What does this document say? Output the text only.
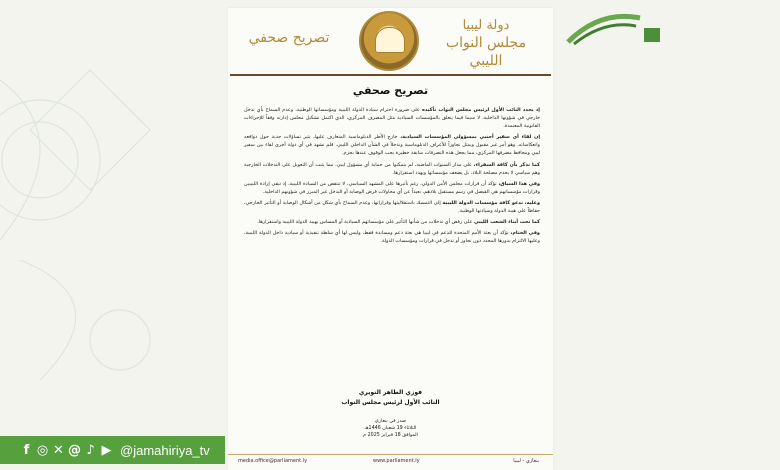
دولة ليبيا
مجلس النواب الليبي
تصريح صحفي
تصريح صحفي

إذ يجدد النائب الأول لرئيس مجلس النواب تأكيده على ضرورة احترام سيادة الدولة الليبية ومؤسساتها الوطنية، وعدم السماح بأي تدخل خارجي في شؤونها الداخلية، لا سيما فيما يتعلق بالمؤسسات السيادية مثل المصرف المركزي، الذي اكتمل تشكيل مجلس إدارته وفقاً للإجراءات القانونية المعتمدة.

إن لقاء أي سفير أجنبي بمسؤولي المؤسسات السيادية، خارج الأطر الدبلوماسية المتعارف عليها، يثير تساؤلات جدية حول دوافعه وانعكاساته، وهو أمر غير مقبول ويمثل تجاوزاً للأعراف الدبلوماسية وتدخلاً في الشأن الداخلي الليبي. فلم نشهد في أي دولة أخرى لقاء بين سفير ليبي ومحافظ مصرفها المركزي، مما يجعل هذه التصرفات سابقة خطيرة يجب الوقوف عندها بحزم.

كما نذكر بأن كافة السفراء، على مدار السنوات الماضية، لم يتمكنوا من حماية أي مسؤول ليبي، مما يثبت أن التعويل على التدخلات الخارجية وهم سياسي لا يخدم مصلحة البلاد، بل يضعف مؤسساتها ويهدد استقرارها.

وفي هذا السياق، نؤكد أن قرارات مجلس الأمن الدولي، رغم تأثيرها على المشهد السياسي، لا تنتقص من السيادة الليبية، إذ تبقى إرادة الليبيين وقرارات مؤسساتهم هي الفيصل في رسم مستقبل بلادهم، بعيداً عن أي محاولات فرض الوصاية أو التدخل غير المبرر في شؤونهم الداخلية.

وعليه، ندعو كافة مؤسسات الدولة الليبية إلى التمسك باستقلاليتها وقراراتها، وعدم السماح بأي شكل من أشكال الوصاية أو التأثير الخارجي، حفاظاً على هيبة الدولة وسيادتها الوطنية.

كما نحث أبناء الشعب الليبي على رفض أي تدخلات من شأنها التأثير على مؤسساتهم السيادية أو المساس بهيبة الدولة الليبية واستقرارها.

وفي الختام، نؤكد أن بعثة الأمم المتحدة للدعم في ليبيا هي بعثة دعم ومساندة فقط، وليس لها أي سلطة تنفيذية أو سيادية داخل الدولة الليبية، وعليها الالتزام بدورها المحدد دون تجاوز أو تدخل في قرارات ومؤسسات الدولة.

فوزي الطاهر النويري
النائب الأول لرئيس مجلس النواب
صدر في بنغازي
الثلاثاء 19 شعبان 1446هـ
الموافق 18 فبراير 2025 م
media.office@parliament.ly	www.parliament.ly	بنغازي - ليبيا
f ◎ ✕ @ ♪ ▶ @jamahiriya_tv
